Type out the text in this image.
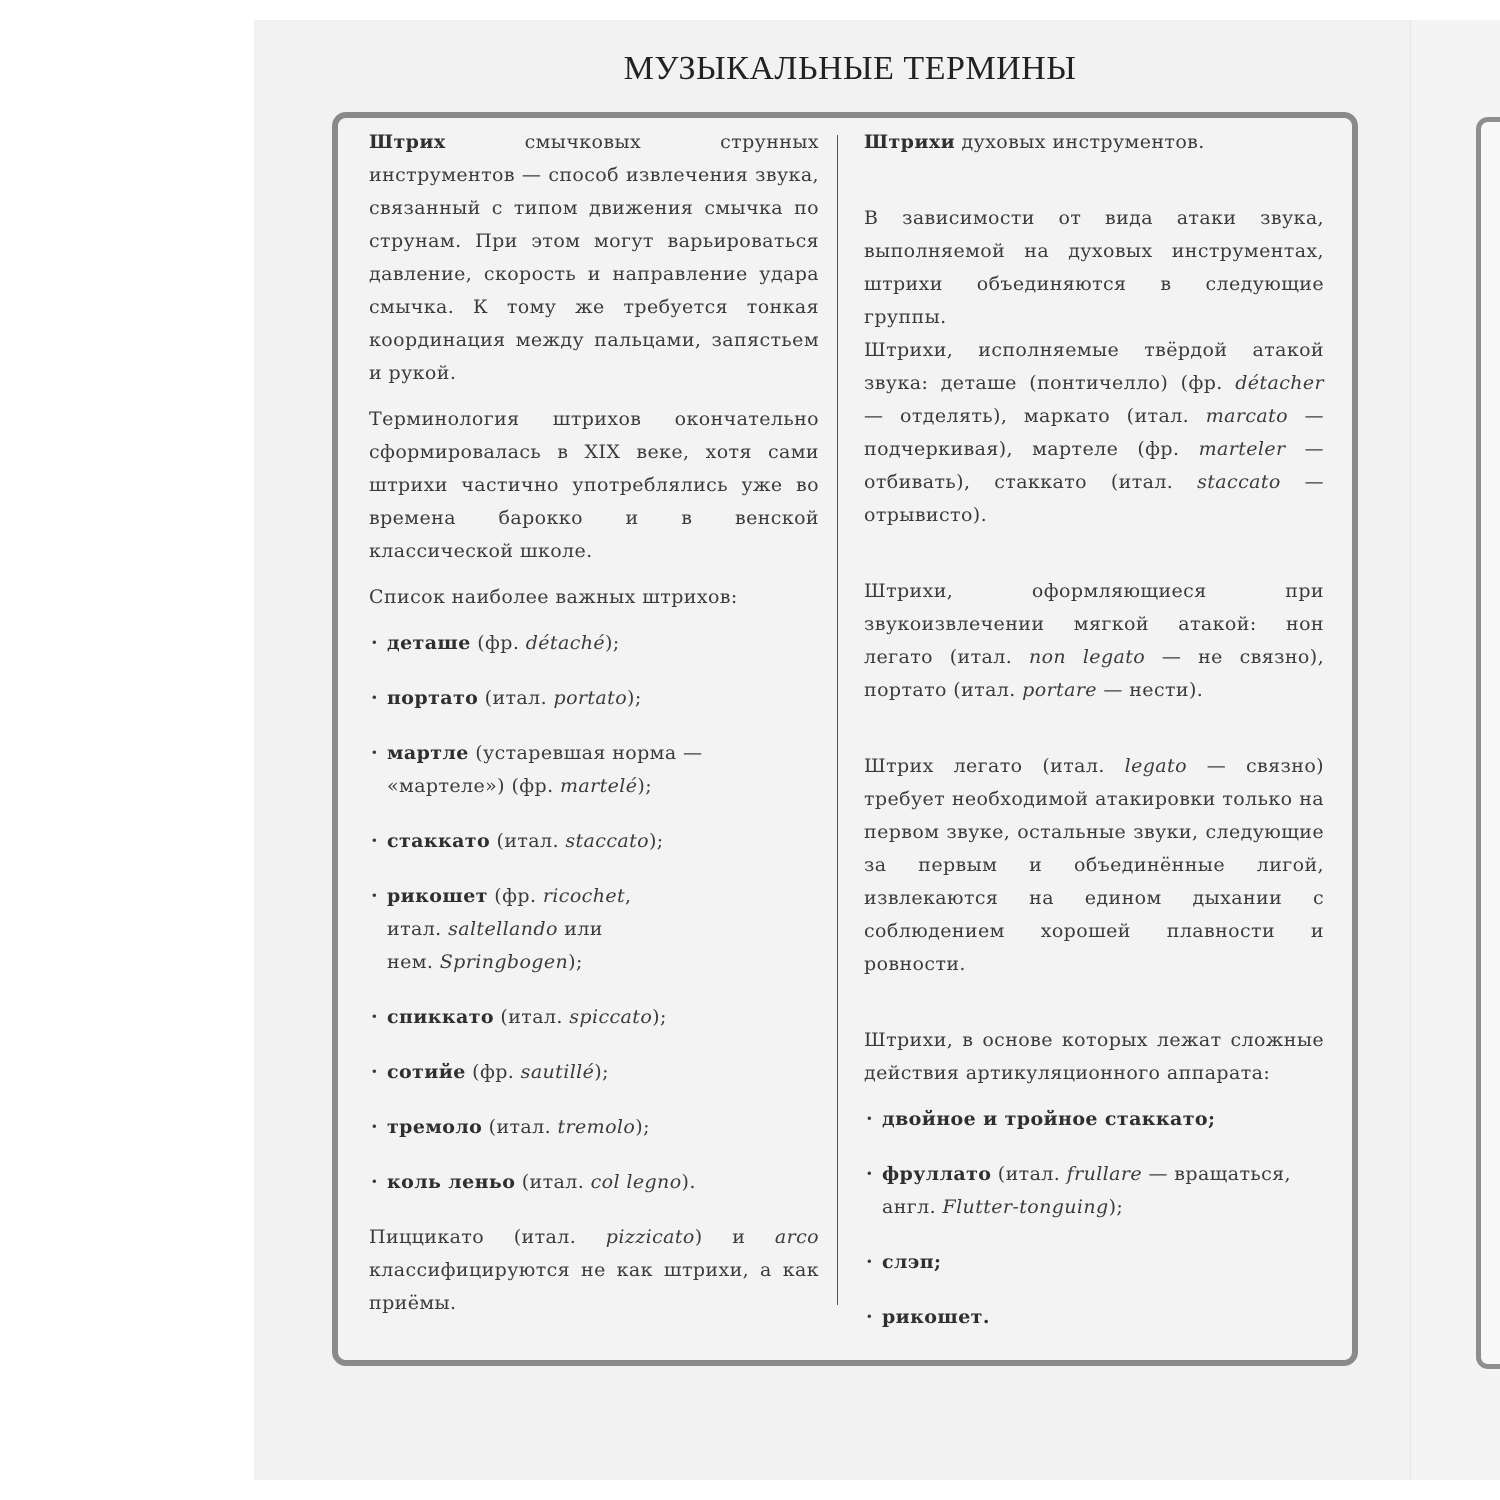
МУЗЫКАЛЬНЫЕ ТЕРМИНЫ

Штрих смычковых струнных инструментов — способ извлечения звука, связанный с типом движения смычка по струнам. При этом могут варьироваться давление, скорость и направление удара смычка. К тому же требуется тонкая координация между пальцами, запястьем и рукой.

Терминология штрихов окончательно сформировалась в XIX веке, хотя сами штрихи частично употреблялись уже во времена барокко и в венской классической школе.

Список наиболее важных штрихов:

· деташе (фр. détaché);
· портато (итал. portato);
· мартле (устаревшая норма — «мартеле») (фр. martelé);
· стаккато (итал. staccato);
· рикошет (фр. ricochet,
итал. saltellando или
нем. Springbogen);
· спиккато (итал. spiccato);
· сотийе (фр. sautillé);
· тремоло (итал. tremolo);
· коль леньо (итал. col legno).

Пиццикато (итал. pizzicato) и arco классифицируются не как штрихи, а как приёмы.

Штрихи духовых инструментов.

В зависимости от вида атаки звука, выполняемой на духовых инструментах, штрихи объединяются в следующие группы.

Штрихи, исполняемые твёрдой атакой звука: деташе (понтичелло) (фр. détacher — отделять), маркато (итал. marcato — подчеркивая), мартеле (фр. marteler — отбивать), стаккато (итал. staccato — отрывисто).

Штрихи, оформляющиеся при звукоизвлечении мягкой атакой: нон легато (итал. non legato — не связно), портато (итал. portare — нести).

Штрих легато (итал. legato — связно) требует необходимой атакировки только на первом звуке, остальные звуки, следующие за первым и объединённые лигой, извлекаются на едином дыхании с соблюдением хорошей плавности и ровности.

Штрихи, в основе которых лежат сложные действия артикуляционного аппарата:

· двойное и тройное стаккато;
· фруллато (итал. frullare — вращаться, англ. Flutter-tonguing);
· слэп;
· рикошет.
